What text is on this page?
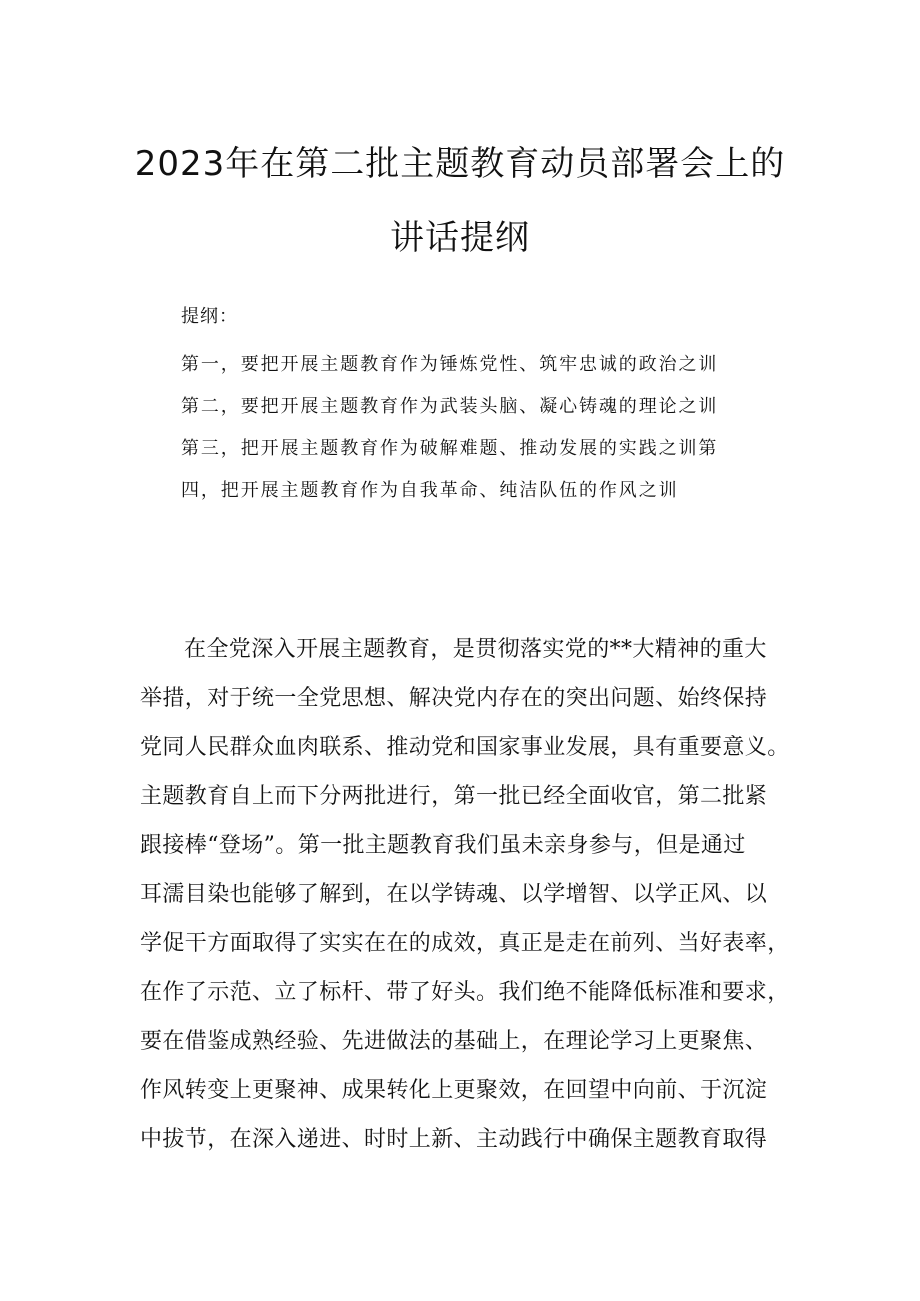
2023年在第二批主题教育动员部署会上的
讲话提纲
提纲：
第一，要把开展主题教育作为锤炼党性、筑牢忠诚的政治之训
第二，要把开展主题教育作为武装头脑、凝心铸魂的理论之训
第三，把开展主题教育作为破解难题、推动发展的实践之训第
四，把开展主题教育作为自我革命、纯洁队伍的作风之训
在全党深入开展主题教育，是贯彻落实党的**大精神的重大
举措，对于统一全党思想、解决党内存在的突出问题、始终保持
党同人民群众血肉联系、推动党和国家事业发展，具有重要意义。
主题教育自上而下分两批进行，第一批已经全面收官，第二批紧
跟接棒“登场”。第一批主题教育我们虽未亲身参与，但是通过
耳濡目染也能够了解到，在以学铸魂、以学增智、以学正风、以
学促干方面取得了实实在在的成效，真正是走在前列、当好表率，
在作了示范、立了标杆、带了好头。我们绝不能降低标准和要求，
要在借鉴成熟经验、先进做法的基础上，在理论学习上更聚焦、
作风转变上更聚神、成果转化上更聚效，在回望中向前、于沉淀
中拔节，在深入递进、时时上新、主动践行中确保主题教育取得
